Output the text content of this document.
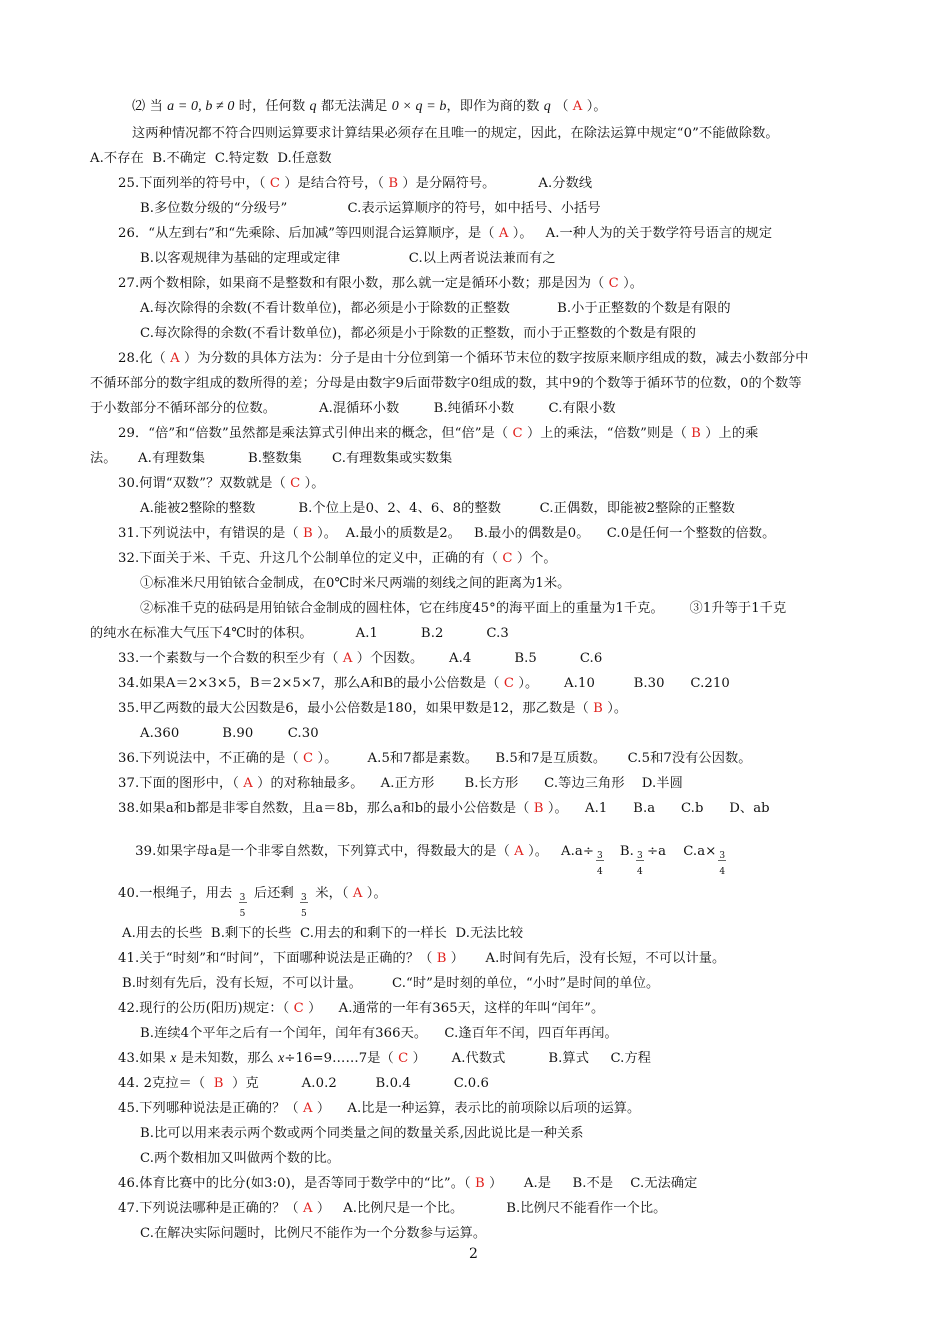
⑵ 当 a = 0, b ≠ 0 时，任何数 q 都无法满足 0 × q = b，即作为商的数 q （ A ）。
这两种情况都不符合四则运算要求计算结果必须存在且唯一的规定，因此，在除法运算中规定“0”不能做除数。
A.不存在  B.不确定  C.特定数  D.任意数
25.下面列举的符号中，（ C ）是结合符号，（ B ）是分隔符号。          A.分数线
B.多位数分级的“分级号”              C.表示运算顺序的符号，如中括号、小括号
26．“从左到右”和“先乘除、后加减”等四则混合运算顺序，是（ A ）。   A.一种人为的关于数学符号语言的规定
B.以客观规律为基础的定理或定律                C.以上两者说法兼而有之
27.两个数相除，如果商不是整数和有限小数，那么就一定是循环小数；那是因为（ C ）。
A.每次除得的余数(不看计数单位)，都必须是小于除数的正整数           B.小于正整数的个数是有限的
C.每次除得的余数(不看计数单位)，都必须是小于除数的正整数，而小于正整数的个数是有限的
28.化（ A ）为分数的具体方法为：分子是由十分位到第一个循环节末位的数字按原来顺序组成的数，减去小数部分中
不循环部分的数字组成的数所得的差；分母是由数字9后面带数字0组成的数，其中9的个数等于循环节的位数，0的个数等
于小数部分不循环部分的位数。          A.混循环小数        B.纯循环小数        C.有限小数
29．“倍”和“倍数”虽然都是乘法算式引伸出来的概念，但“倍”是（ C ）上的乘法，“倍数”则是（ B ）上的乘
法。     A.有理数集          B.整数集       C.有理数集或实数集
30.何谓“双数”？双数就是（ C ）。
A.能被2整除的整数          B.个位上是0、2、4、6、8的整数         C.正偶数，即能被2整除的正整数
31.下列说法中，有错误的是（ B ）。  A.最小的质数是2。   B.最小的偶数是0。    C.0是任何一个整数的倍数。
32.下面关于米、千克、升这几个公制单位的定义中，正确的有（ C ）个。
①标准米尺用铂铱合金制成，在0℃时米尺两端的刻线之间的距离为1米。
②标准千克的砝码是用铂铱合金制成的圆柱体，它在纬度45°的海平面上的重量为1千克。      ③1升等于1千克
的纯水在标准大气压下4℃时的体积。          A.1          B.2          C.3
33.一个素数与一个合数的积至少有（ A ）个因数。      A.4          B.5          C.6
34.如果A＝2×3×5，B＝2×5×7，那么A和B的最小公倍数是（ C ）。      A.10         B.30      C.210
35.甲乙两数的最大公因数是6，最小公倍数是180，如果甲数是12，那乙数是（ B ）。
A.360          B.90        C.30
36.下列说法中，不正确的是（ C ）。       A.5和7都是素数。    B.5和7是互质数。     C.5和7没有公因数。
37.下面的图形中，（ A ）的对称轴最多。    A.正方形       B.长方形      C.等边三角形    D.半圆
38.如果a和b都是非零自然数，且a＝8b，那么a和b的最小公倍数是（ B ）。    A.1      B.a      C.b      D、ab
40.一根绳子，用去 $\frac{3}{5}$ 后还剩 $\frac{3}{5}$ 米，（ A ）。
A.用去的长些  B.剩下的长些  C.用去的和剩下的一样长  D.无法比较
41.关于“时刻”和“时间”，下面哪种说法是正确的？（ B ）     A.时间有先后，没有长短，不可以计量。
B.时刻有先后，没有长短，不可以计量。       C.“时”是时刻的单位，“小时”是时间的单位。
42.现行的公历(阳历)规定：（ C ）    A.通常的一年有365天，这样的年叫“闰年”。
B.连续4个平年之后有一个闰年，闰年有366天。    C.逢百年不闰，四百年再闰。
43.如果 x 是未知数，那么 x÷16=9……7是（ C ）      A.代数式          B.算式     C.方程
44. 2克拉＝（  B  ）克          A.0.2         B.0.4          C.0.6
45.下列哪种说法是正确的？（ A ）    A.比是一种运算，表示比的前项除以后项的运算。
B.比可以用来表示两个数或两个同类量之间的数量关系,因此说比是一种关系
C.两个数相加又叫做两个数的比。
46.体育比赛中的比分(如3:0)，是否等同于数学中的“比”。（ B ）     A.是     B.不是    C.无法确定
47.下列说法哪种是正确的？（ A ）   A.比例尺是一个比。          B.比例尺不能看作一个比。
C.在解决实际问题时，比例尺不能作为一个分数参与运算。

39.如果字母a是一个非零自然数，下列算式中，得数最大的是（ A ）。   $A.a\div \frac{3}{4} B$. $\frac{3}{4} \div a$    $C.a\times \frac{3}{4}$

2
